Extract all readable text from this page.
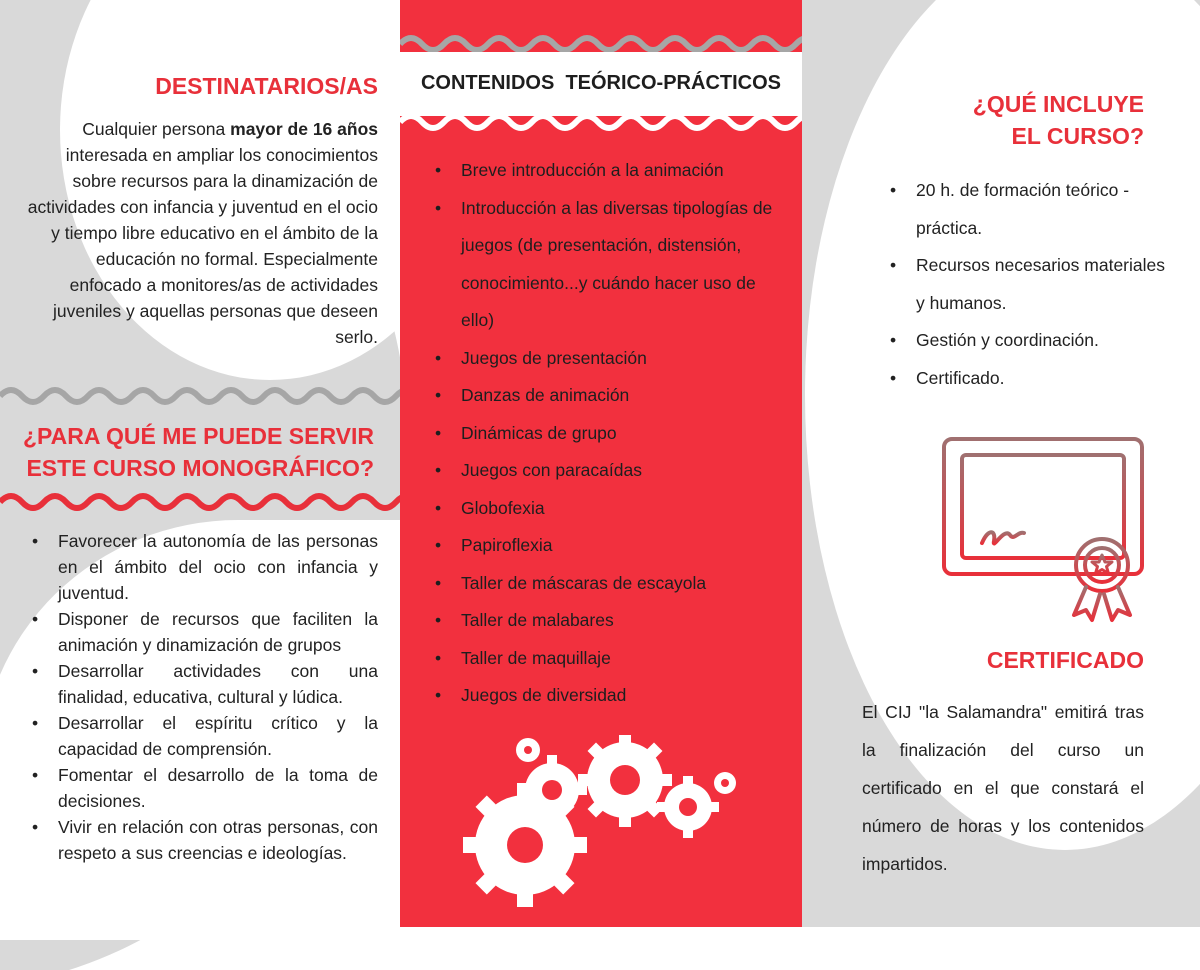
DESTINATARIOS/AS

Cualquier persona mayor de 16 años interesada en ampliar los conocimientos sobre recursos para la dinamización de actividades con infancia y juventud en el ocio y tiempo libre educativo en el ámbito de la educación no formal. Especialmente enfocado a monitores/as de actividades juveniles y aquellas personas que deseen serlo.

¿PARA QUÉ ME PUEDE SERVIR
ESTE CURSO MONOGRÁFICO?
• Favorecer la autonomía de las personas en el ámbito del ocio con infancia y juventud.
• Disponer de recursos que faciliten la animación y dinamización de grupos
• Desarrollar actividades con una finalidad, educativa, cultural y lúdica.
• Desarrollar el espíritu crítico y la capacidad de comprensión.
• Fomentar el desarrollo de la toma de decisiones.
• Vivir en relación con otras personas, con respeto a sus creencias e ideologías.
CONTENIDOS  TEÓRICO-PRÁCTICOS
• Breve introducción a la animación
• Introducción a las diversas tipologías de juegos (de presentación, distensión, conocimiento...y cuándo hacer uso de ello)
• Juegos de presentación
• Danzas de animación
• Dinámicas de grupo
• Juegos con paracaídas
• Globofexia
• Papiroflexia
• Taller de máscaras de escayola
• Taller de malabares
• Taller de maquillaje
• Juegos de diversidad
¿QUÉ INCLUYE
EL CURSO?
• 20 h. de formación teórico - práctica.
• Recursos necesarios materiales y humanos.
• Gestión y coordinación.
• Certificado.
CERTIFICADO

El CIJ "la Salamandra" emitirá tras la finalización del curso un certificado en el que constará el número de horas y los contenidos impartidos.
